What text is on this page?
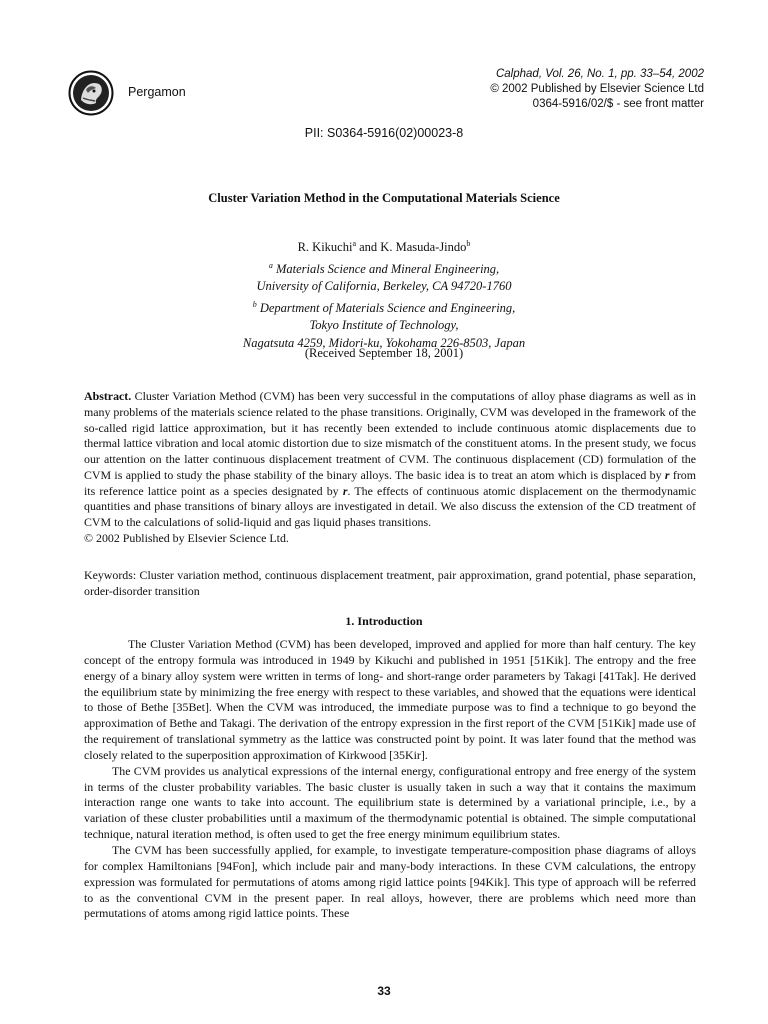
Pergamon
Calphad, Vol. 26, No. 1, pp. 33–54, 2002
© 2002 Published by Elsevier Science Ltd
0364-5916/02/$ - see front matter
PII: S0364-5916(02)00023-8
Cluster Variation Method in the Computational Materials Science
R. Kikuchi$^a$ and K. Masuda-Jindo$^b$
$^a$ Materials Science and Mineral Engineering,
University of California, Berkeley, CA 94720-1760
$^b$ Department of Materials Science and Engineering,
Tokyo Institute of Technology,
Nagatsuta 4259, Midori-ku, Yokohama 226-8503, Japan
(Received September 18, 2001)

Abstract. Cluster Variation Method (CVM) has been very successful in the computations of alloy phase diagrams as well as in many problems of the materials science related to the phase transitions. Originally, CVM was developed in the framework of the so-called rigid lattice approximation, but it has recently been extended to include continuous atomic displacements due to thermal lattice vibration and local atomic distortion due to size mismatch of the constituent atoms. In the present study, we focus our attention on the latter continuous displacement treatment of CVM. The continuous displacement (CD) formulation of the CVM is applied to study the phase stability of the binary alloys. The basic idea is to treat an atom which is displaced by r from its reference lattice point as a species designated by r. The effects of continuous atomic displacement on the thermodynamic quantities and phase transitions of binary alloys are investigated in detail. We also discuss the extension of the CD treatment of CVM to the calculations of solid-liquid and gas liquid phases transitions.

© 2002 Published by Elsevier Science Ltd.

Keywords: Cluster variation method, continuous displacement treatment, pair approximation, grand potential, phase separation, order-disorder transition
1. Introduction

The Cluster Variation Method (CVM) has been developed, improved and applied for more than half century. The key concept of the entropy formula was introduced in 1949 by Kikuchi and published in 1951 [51Kik]. The entropy and the free energy of a binary alloy system were written in terms of long- and short-range order parameters by Takagi [41Tak]. He derived the equilibrium state by minimizing the free energy with respect to these variables, and showed that the equations were identical to those of Bethe [35Bet]. When the CVM was introduced, the immediate purpose was to find a technique to go beyond the approximation of Bethe and Takagi. The derivation of the entropy expression in the first report of the CVM [51Kik] made use of the requirement of translational symmetry as the lattice was constructed point by point. It was later found that the method was closely related to the superposition approximation of Kirkwood [35Kir].

The CVM provides us analytical expressions of the internal energy, configurational entropy and free energy of the system in terms of the cluster probability variables. The basic cluster is usually taken in such a way that it contains the maximum interaction range one wants to take into account. The equilibrium state is determined by a variational principle, i.e., by a variation of these cluster probabilities until a maximum of the thermodynamic potential is obtained. The simple computational technique, natural iteration method, is often used to get the free energy minimum equilibrium states.

The CVM has been successfully applied, for example, to investigate temperature-composition phase diagrams of alloys for complex Hamiltonians [94Fon], which include pair and many-body interactions. In these CVM calculations, the entropy expression was formulated for permutations of atoms among rigid lattice points [94Kik]. This type of approach will be referred to as the conventional CVM in the present paper. In real alloys, however, there are problems which need more than permutations of atoms among rigid lattice points. These

33
